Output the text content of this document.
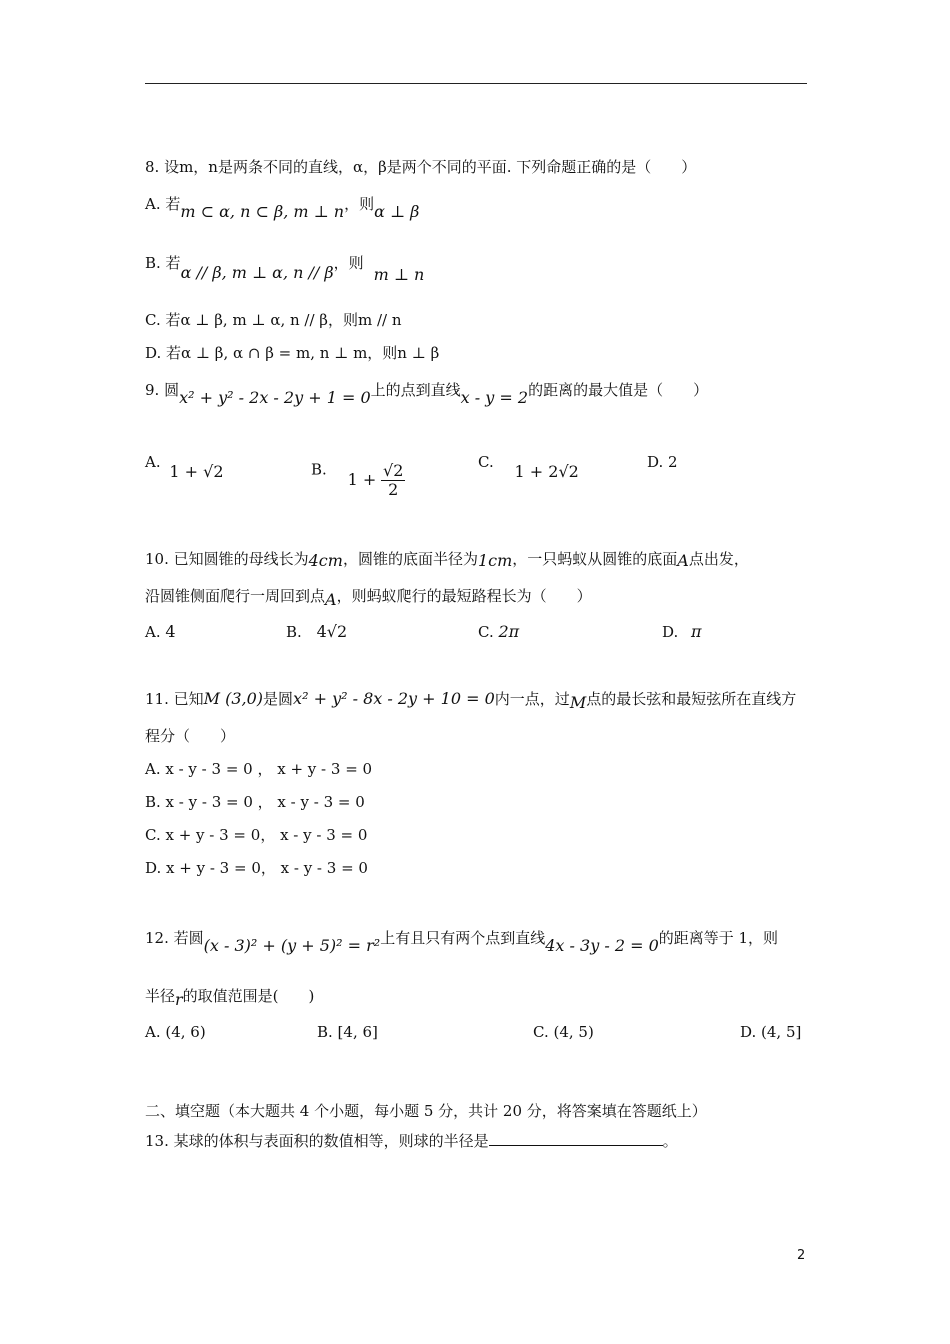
8. 设m，n是两条不同的直线，α，β是两个不同的平面. 下列命题正确的是（　　）
A. 若m ⊂ α, n ⊂ β, m ⊥ n，则α ⊥ β
B. 若α // β, m ⊥ α, n // β，则m ⊥ n
C. 若α ⊥ β, m ⊥ α, n // β，则m // n
D. 若α ⊥ β, α ∩ β = m, n ⊥ m，则n ⊥ β
9. 圆x² + y² - 2x - 2y + 1 = 0上的点到直线x - y = 2的距离的最大值是（　　）
A. 1 + √2	B. $1 + \frac{√2}{2}$	C. 1 + 2√2	D. 2
10. 已知圆锥的母线长为4cm，圆锥的底面半径为1cm，一只蚂蚁从圆锥的底面A点出发，
沿圆锥侧面爬行一周回到点A，则蚂蚁爬行的最短路程长为（　　）
A. 4	B. 4√2	C. 2π	D. π
11. 已知M (3,0)是圆x² + y² - 8x - 2y + 10 = 0内一点，过M点的最长弦和最短弦所在直线方
程分（　　）
A. x - y - 3 = 0 ， x + y - 3 = 0
B. x - y - 3 = 0 ， x - y - 3 = 0
C. x + y - 3 = 0， x - y - 3 = 0
D. x + y - 3 = 0， x - y - 3 = 0
12. 若圆(x - 3)² + (y + 5)² = r²上有且只有两个点到直线4x - 3y - 2 = 0的距离等于 1，则
半径r的取值范围是(　　)
A. (4, 6)	B. [4, 6]	C. (4, 5)	D. (4, 5]
二、填空题（本大题共 4 个小题，每小题 5 分，共计 20 分，将答案填在答题纸上）
13. 某球的体积与表面积的数值相等，则球的半径是	。
2
